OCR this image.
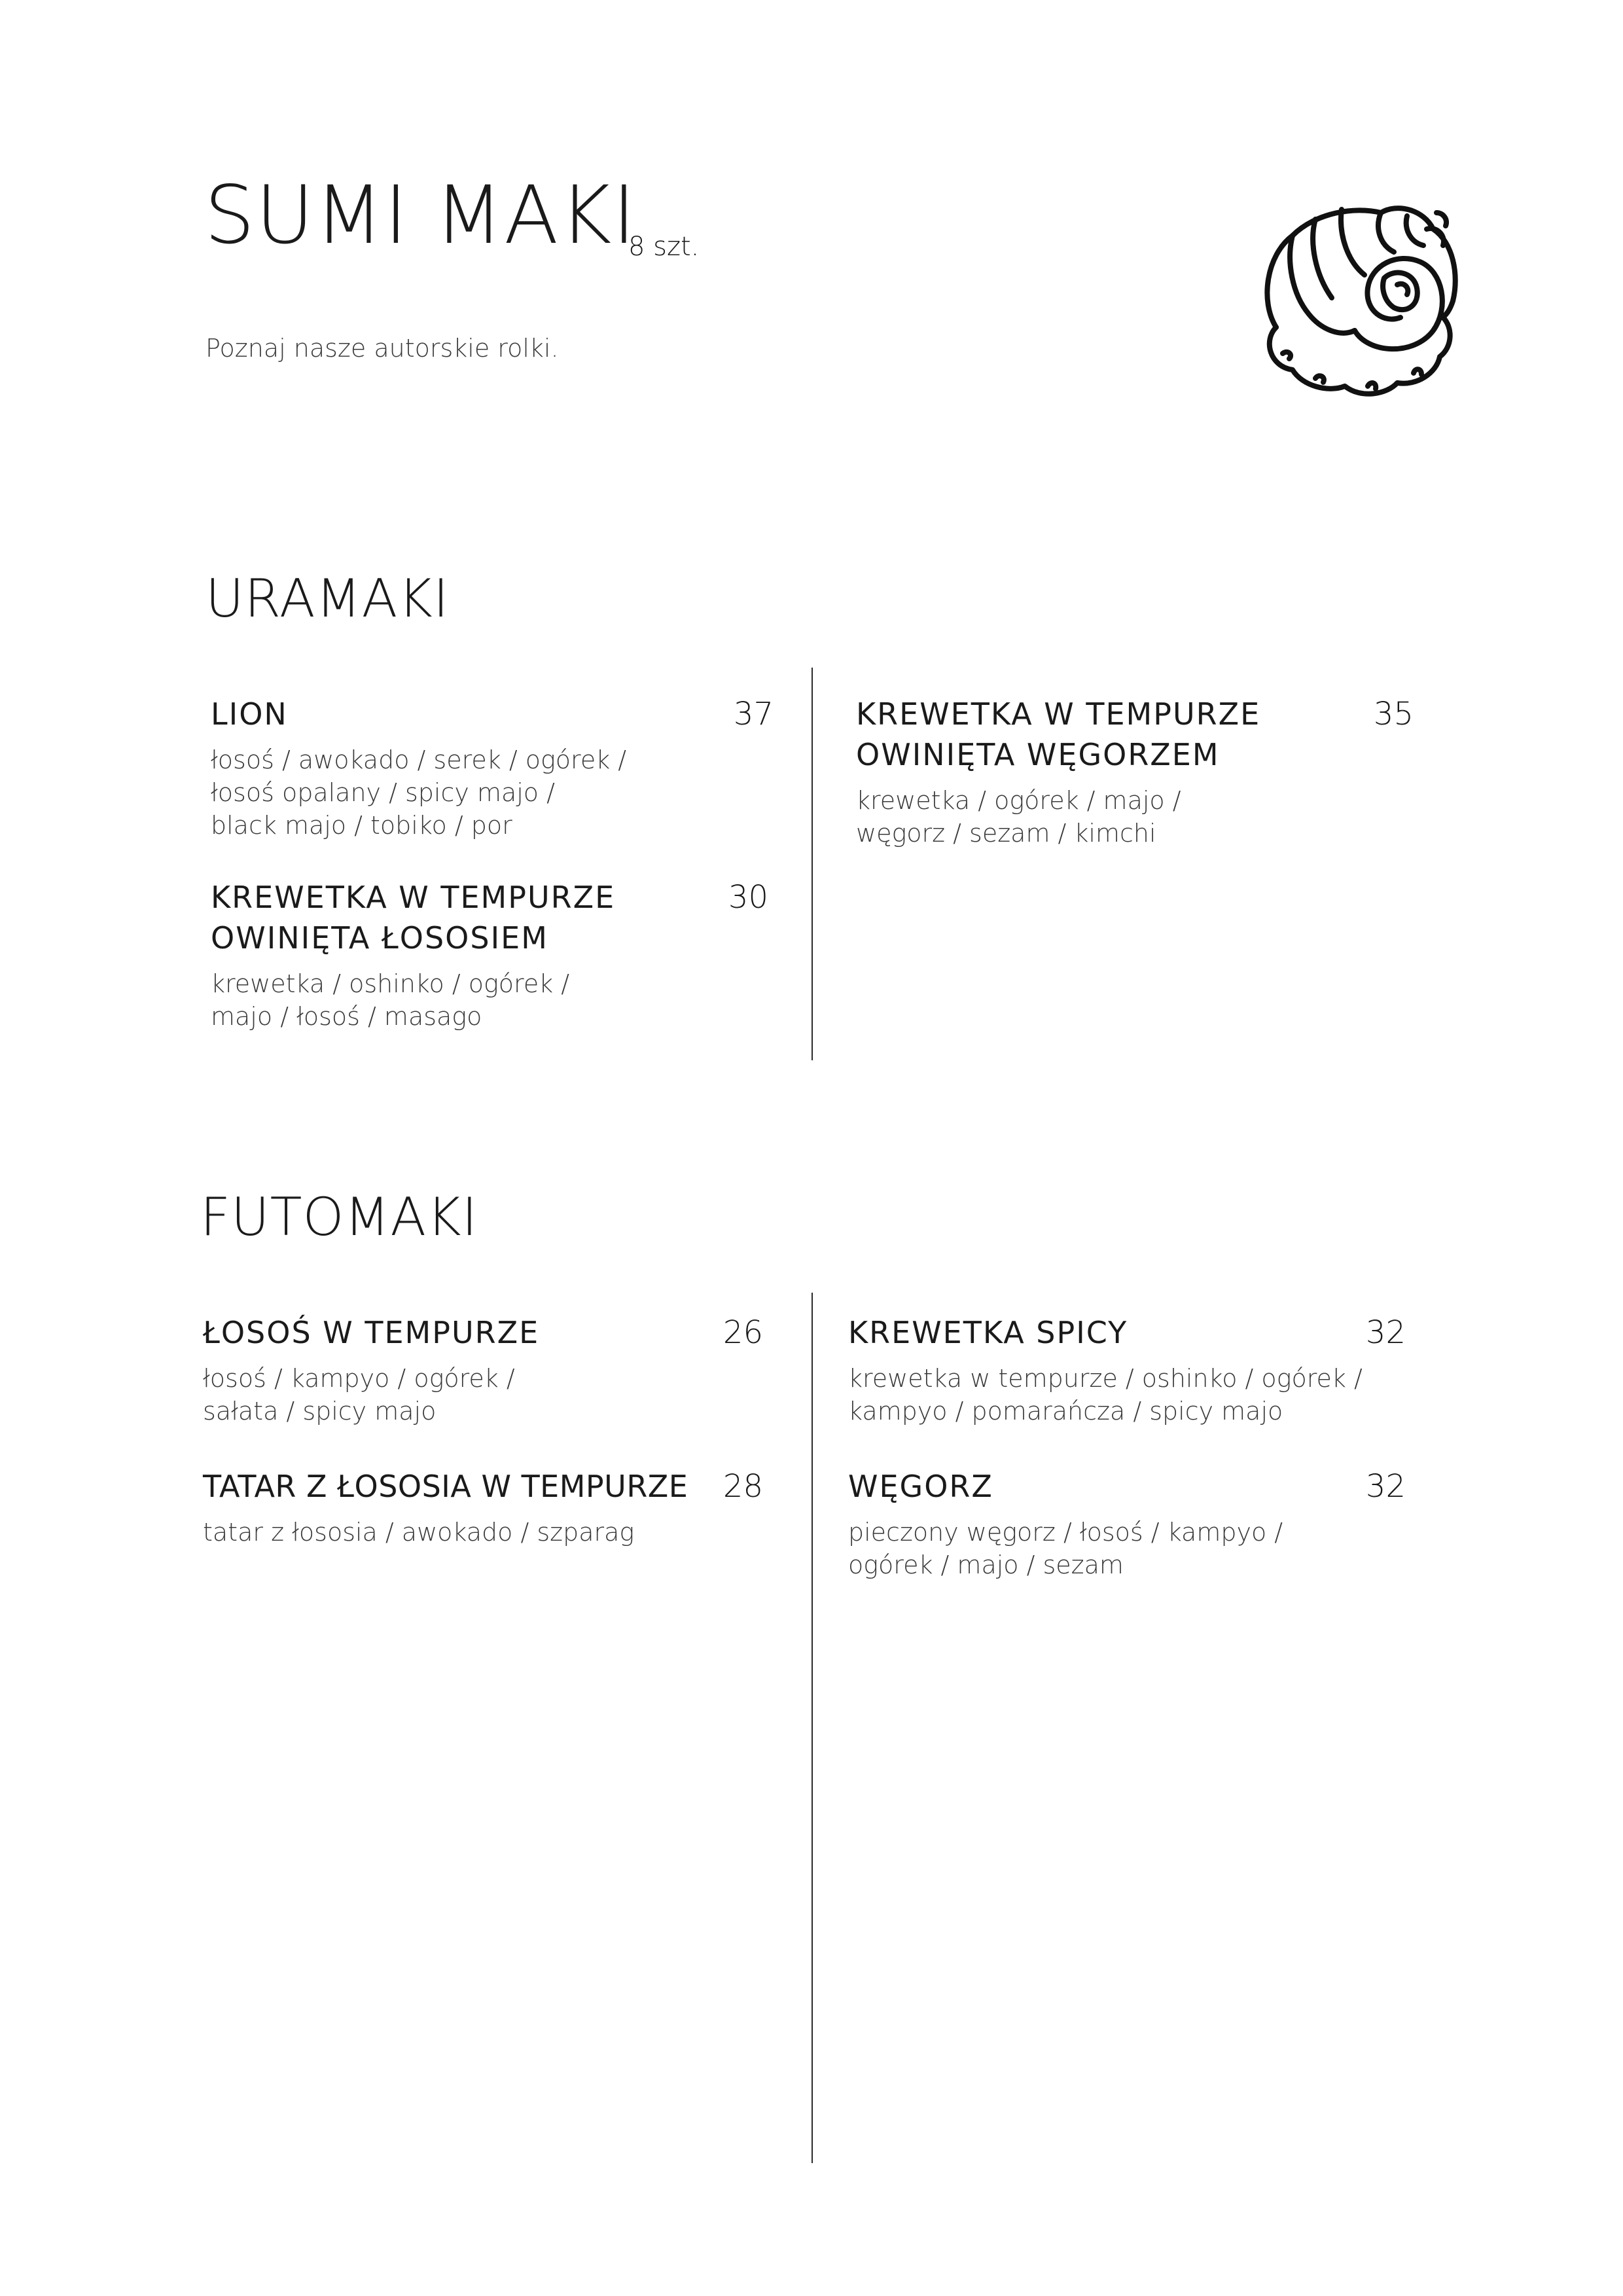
SUMI MAKI
8 szt.
Poznaj nasze autorskie rolki.
URAMAKI
LION	37
łosoś / awokado / serek / ogórek /
łosoś opalany / spicy majo /
black majo / tobiko / por
KREWETKA W TEMPURZE
OWINIĘTA ŁOSOSIEM
30
krewetka / oshinko / ogórek /
majo / łosoś / masago
KREWETKA W TEMPURZE
OWINIĘTA WĘGORZEM
35
krewetka / ogórek / majo /
węgorz / sezam / kimchi
FUTOMAKI
ŁOSOŚ W TEMPURZE	26
łosoś / kampyo / ogórek /
sałata / spicy majo
TATAR Z ŁOSOSIA W TEMPURZE	28
tatar z łososia / awokado / szparag
KREWETKA SPICY	32
krewetka w tempurze / oshinko / ogórek /
kampyo / pomarańcza / spicy majo
WĘGORZ	32
pieczony węgorz / łosoś / kampyo /
ogórek / majo / sezam
